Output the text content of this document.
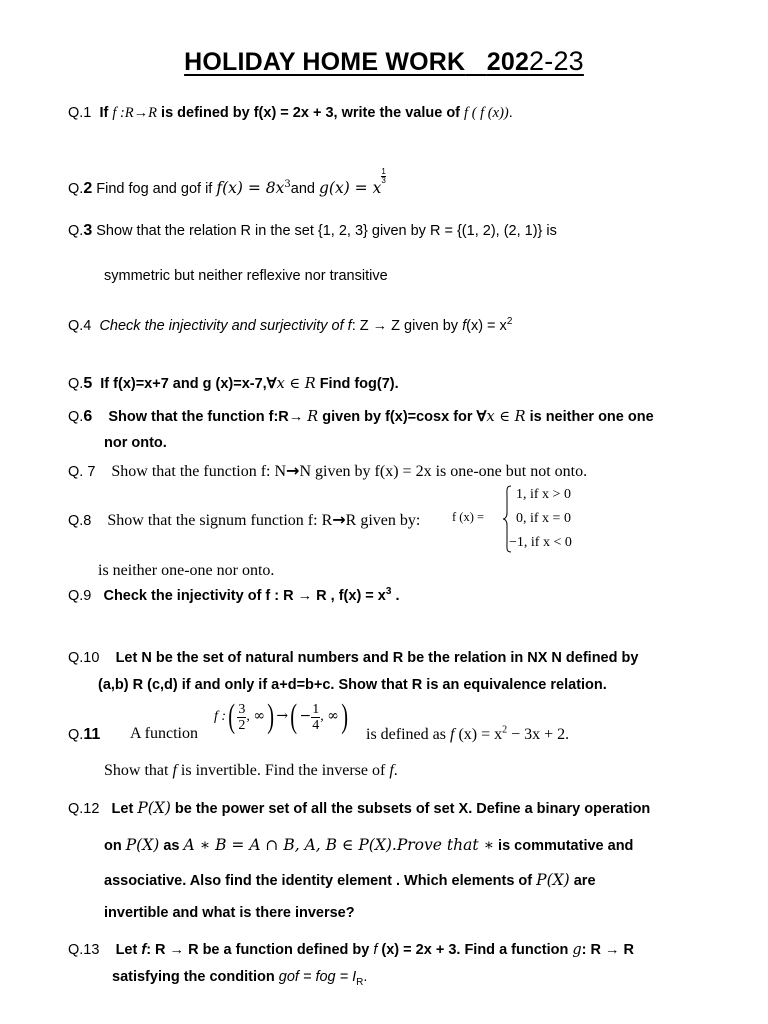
HOLIDAY HOME WORK 2022-23
Q.1 If f :R→R is defined by f(x) = 2x + 3, write the value of f ( f (x)).
Q.2 Find fog and gof if $f(x) = 8x^3and$ g(x) = x
$\frac{1}{3}$
Q.3 Show that the relation R in the set {1, 2, 3} given by R = {(1, 2), (2, 1)} is
symmetric but neither reflexive nor transitive
Q.4 Check the injectivity and surjectivity of f: Z → Z given by $f(x) = x^2$
Q.5 If f(x)=x+7 and g (x)=x-7,∀x ∈ R Find fog(7).
Q.6 Show that the function f:R→ R given by f(x)=cosx for ∀x ∈ R is neither one one
nor onto.
Q. 7 Show that the function f: N→N given by f(x) = 2x is one-one but not onto.
Q.8 Show that the signum function f: R→R given by:	f (x) =
1, if x > 0
0, if x = 0
−1, if x < 0
is neither one-one nor onto.
Q.9 Check the injectivity of f : R → R , $f(x) = x^3$ .
Q.10 Let N be the set of natural numbers and R be the relation in NX N defined by
(a,b) R (c,d) if and only if a+d=b+c. Show that R is an equivalence relation.
Q.11 A function
f :( $\frac{3}{2}$ , ∞) →( − $\frac{1}{4}$ , ∞) is defined as f $(x) = x^2 - 3x + 2$.
Show that f is invertible. Find the inverse of f.
Q.12 Let P(X) be the power set of all the subsets of set X. Define a binary operation
on P(X) as A ∗ B = A ∩ B, A, B ∈ P(X).Prove that ∗ is commutative and
associative. Also find the identity element . Which elements of P(X) are
invertible and what is there inverse?
Q.13 Let f: R → R be a function defined by f (x) = 2x + 3. Find a function g: R → R
satisfying the condition gof = fog = $I_R$.
